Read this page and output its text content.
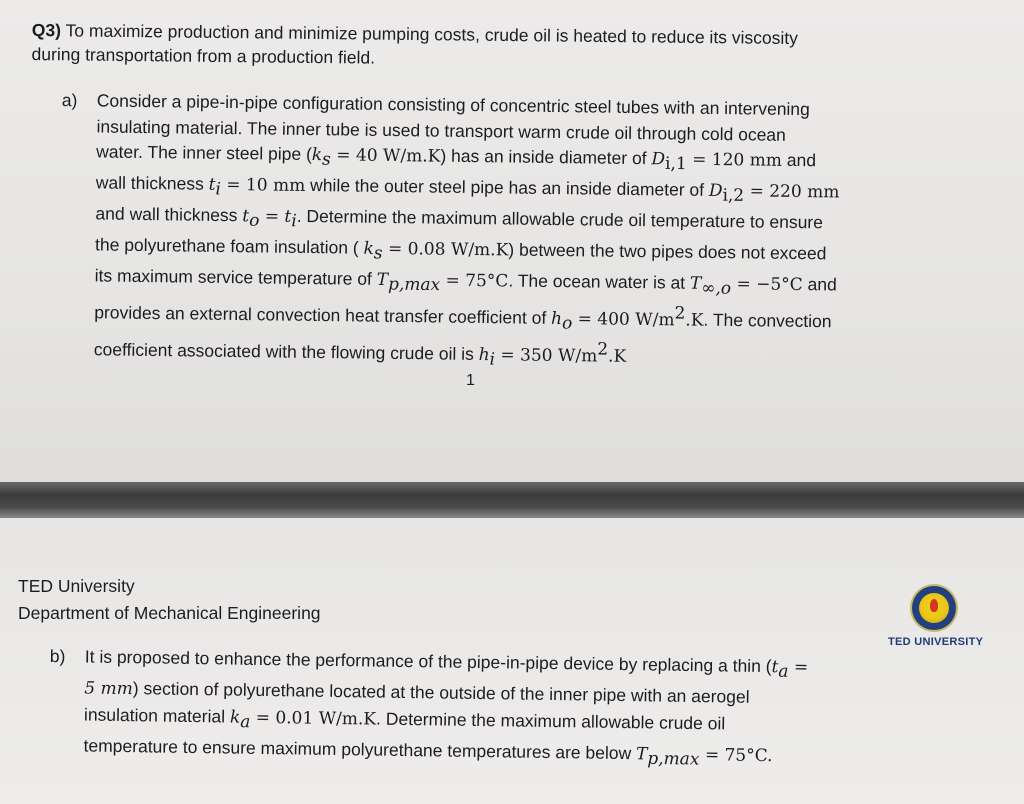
Q3) To maximize production and minimize pumping costs, crude oil is heated to reduce its viscosity
during transportation from a production field.
a) Consider a pipe-in-pipe configuration consisting of concentric steel tubes with an intervening
insulating material. The inner tube is used to transport warm crude oil through cold ocean
water. The inner steel pipe ($k_s = 40$ W/m.K) has an inside diameter of $D_{i,1} = 120$ mm and
wall thickness $t_i = 10$ mm while the outer steel pipe has an inside diameter of $D_{i,2} = 220$ mm
and wall thickness $t_o = t_i$. Determine the maximum allowable crude oil temperature to ensure
the polyurethane foam insulation ( $k_s = 0.08$ W/m.K) between the two pipes does not exceed
its maximum service temperature of $T_{p,max} = 75^\circ C$. The ocean water is at $T_{\infty,o} = -5^\circ C$ and
provides an external convection heat transfer coefficient of $h_o = 400$ $W/m^2.K$. The convection
coefficient associated with the flowing crude oil is $h_i = 350$ $W/m^2.K$
1
TED University
Department of Mechanical Engineering
TED UNIVERSITY
b) It is proposed to enhance the performance of the pipe-in-pipe device by replacing a thin ($t_a$ =
5 mm) section of polyurethane located at the outside of the inner pipe with an aerogel
insulation material $k_a = 0.01$ W/m.K. Determine the maximum allowable crude oil
temperature to ensure maximum polyurethane temperatures are below $T_{p,max} = 75^\circ C$.
